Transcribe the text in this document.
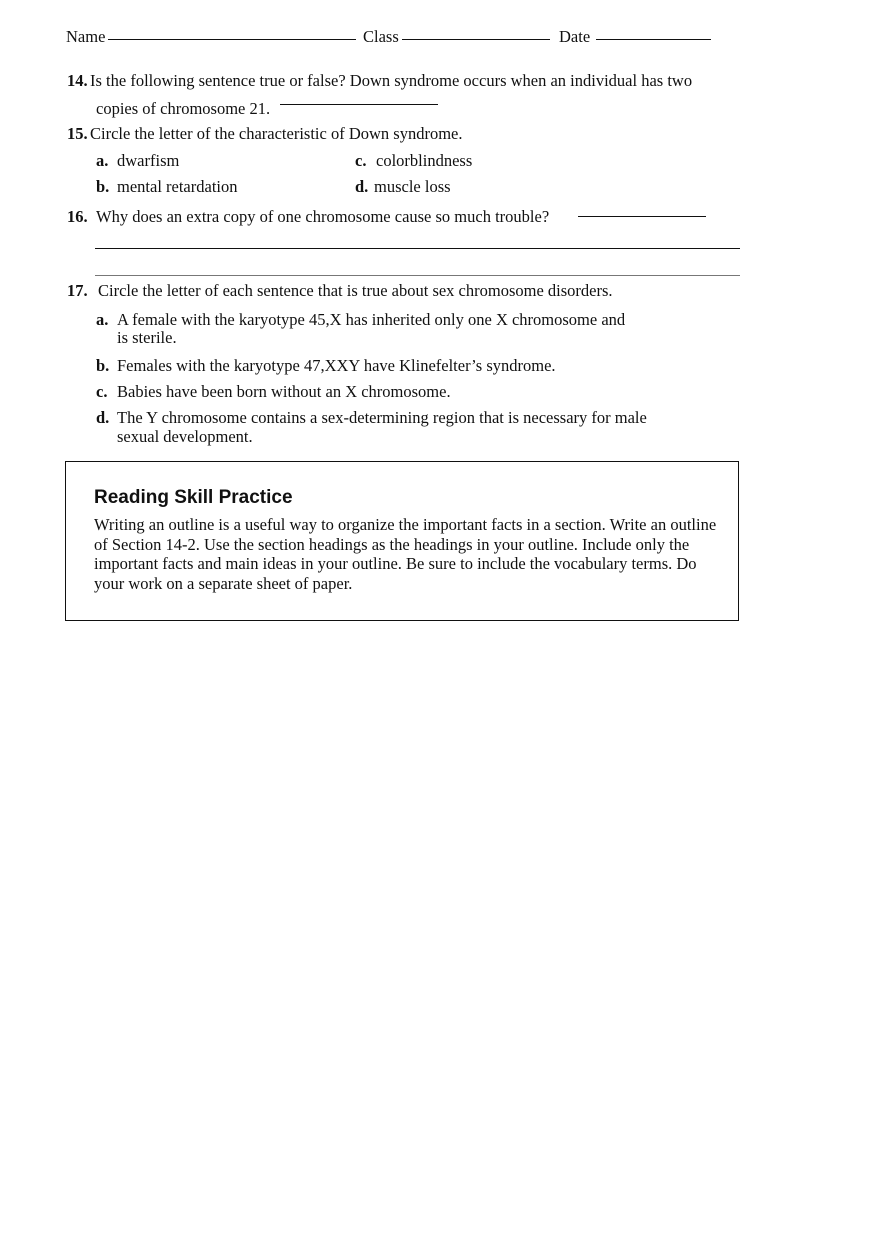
Name	Class	Date
14. Is the following sentence true or false? Down syndrome occurs when an individual has two
copies of chromosome 21.
15. Circle the letter of the characteristic of Down syndrome.
a. dwarfism
b. mental retardation
c. colorblindness
d. muscle loss
16. Why does an extra copy of one chromosome cause so much trouble?
17. Circle the letter of each sentence that is true about sex chromosome disorders.
a. A female with the karyotype 45,X has inherited only one X chromosome and
is sterile.
b. Females with the karyotype 47,XXY have Klinefelter’s syndrome.
c. Babies have been born without an X chromosome.
d. The Y chromosome contains a sex-determining region that is necessary for male
sexual development.
Reading Skill Practice
Writing an outline is a useful way to organize the important facts in a section. Write an outline of Section 14-2. Use the section headings as the headings in your outline. Include only the important facts and main ideas in your outline. Be sure to include the vocabulary terms. Do your work on a separate sheet of paper.
